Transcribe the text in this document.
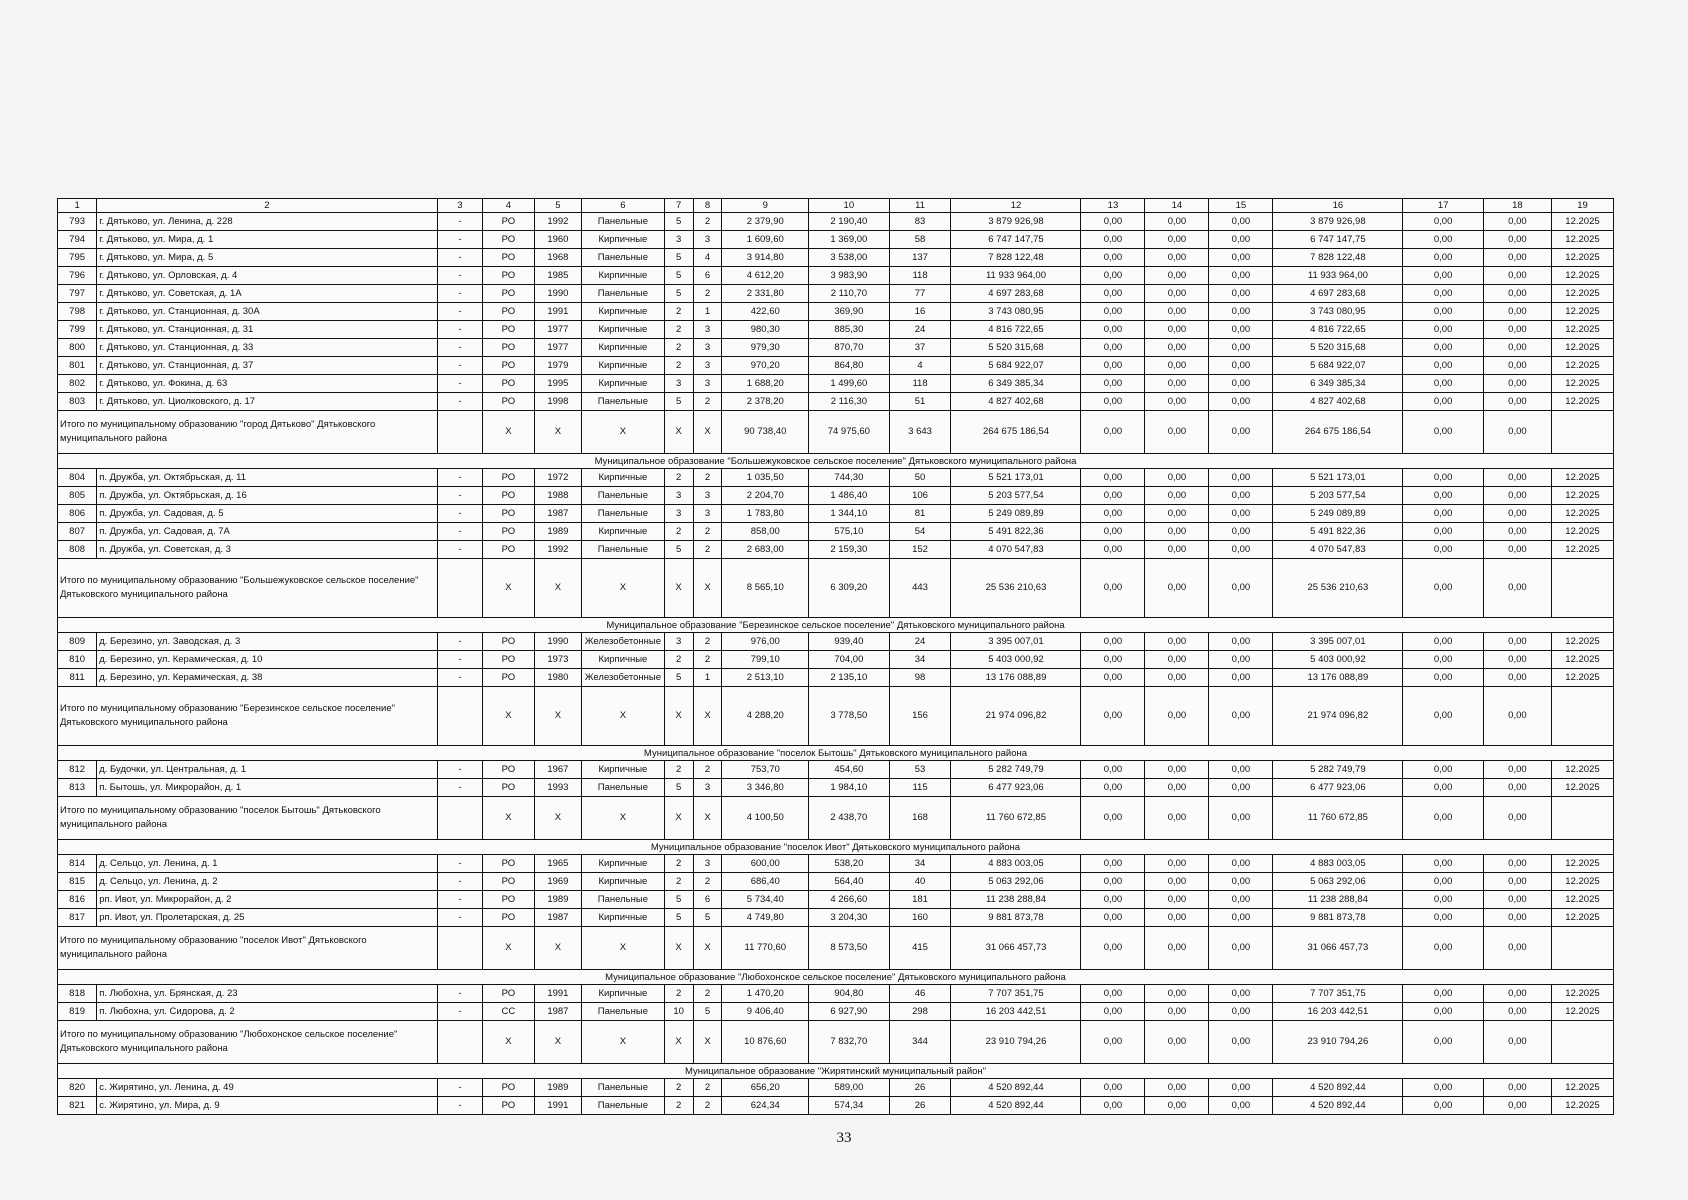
1	2	3	4	5	6	7	8	9	10	11	12	13	14	15	16	17	18	19
793	г. Дятьково, ул. Ленина, д. 228	-	РО	1992	Панельные	5	2	2 379,90	2 190,40	83	3 879 926,98	0,00	0,00	0,00	3 879 926,98	0,00	0,00	12.2025
794	г. Дятьково, ул. Мира, д. 1	-	РО	1960	Кирпичные	3	3	1 609,60	1 369,00	58	6 747 147,75	0,00	0,00	0,00	6 747 147,75	0,00	0,00	12.2025
795	г. Дятьково, ул. Мира, д. 5	-	РО	1968	Панельные	5	4	3 914,80	3 538,00	137	7 828 122,48	0,00	0,00	0,00	7 828 122,48	0,00	0,00	12.2025
796	г. Дятьково, ул. Орловская, д. 4	-	РО	1985	Кирпичные	5	6	4 612,20	3 983,90	118	11 933 964,00	0,00	0,00	0,00	11 933 964,00	0,00	0,00	12.2025
797	г. Дятьково, ул. Советская, д. 1А	-	РО	1990	Панельные	5	2	2 331,80	2 110,70	77	4 697 283,68	0,00	0,00	0,00	4 697 283,68	0,00	0,00	12.2025
798	г. Дятьково, ул. Станционная, д. 30А	-	РО	1991	Кирпичные	2	1	422,60	369,90	16	3 743 080,95	0,00	0,00	0,00	3 743 080,95	0,00	0,00	12.2025
799	г. Дятьково, ул. Станционная, д. 31	-	РО	1977	Кирпичные	2	3	980,30	885,30	24	4 816 722,65	0,00	0,00	0,00	4 816 722,65	0,00	0,00	12.2025
800	г. Дятьково, ул. Станционная, д. 33	-	РО	1977	Кирпичные	2	3	979,30	870,70	37	5 520 315,68	0,00	0,00	0,00	5 520 315,68	0,00	0,00	12.2025
801	г. Дятьково, ул. Станционная, д. 37	-	РО	1979	Кирпичные	2	3	970,20	864,80	4	5 684 922,07	0,00	0,00	0,00	5 684 922,07	0,00	0,00	12.2025
802	г. Дятьково, ул. Фокина, д. 63	-	РО	1995	Кирпичные	3	3	1 688,20	1 499,60	118	6 349 385,34	0,00	0,00	0,00	6 349 385,34	0,00	0,00	12.2025
803	г. Дятьково, ул. Циолковского, д. 17	-	РО	1998	Панельные	5	2	2 378,20	2 116,30	51	4 827 402,68	0,00	0,00	0,00	4 827 402,68	0,00	0,00	12.2025
Итого по муниципальному образованию "город Дятьково" Дятьковского муниципального района			X	X	X	X	X	90 738,40	74 975,60	3 643	264 675 186,54	0,00	0,00	0,00	264 675 186,54	0,00	0,00	
Муниципальное образование "Большежуковское сельское поселение" Дятьковского муниципального района																		
804	п. Дружба, ул. Октябрьская, д. 11	-	РО	1972	Кирпичные	2	2	1 035,50	744,30	50	5 521 173,01	0,00	0,00	0,00	5 521 173,01	0,00	0,00	12.2025
805	п. Дружба, ул. Октябрьская, д. 16	-	РО	1988	Панельные	3	3	2 204,70	1 486,40	106	5 203 577,54	0,00	0,00	0,00	5 203 577,54	0,00	0,00	12.2025
806	п. Дружба, ул. Садовая, д. 5	-	РО	1987	Панельные	3	3	1 783,80	1 344,10	81	5 249 089,89	0,00	0,00	0,00	5 249 089,89	0,00	0,00	12.2025
807	п. Дружба, ул. Садовая, д. 7А	-	РО	1989	Кирпичные	2	2	858,00	575,10	54	5 491 822,36	0,00	0,00	0,00	5 491 822,36	0,00	0,00	12.2025
808	п. Дружба, ул. Советская, д. 3	-	РО	1992	Панельные	5	2	2 683,00	2 159,30	152	4 070 547,83	0,00	0,00	0,00	4 070 547,83	0,00	0,00	12.2025
Итого по муниципальному образованию "Большежуковское сельское поселение" Дятьковского муниципального района			X	X	X	X	X	8 565,10	6 309,20	443	25 536 210,63	0,00	0,00	0,00	25 536 210,63	0,00	0,00	
Муниципальное образование "Березинское сельское поселение" Дятьковского муниципального района																		
809	д. Березино, ул. Заводская, д. 3	-	РО	1990	Железобетонные	3	2	976,00	939,40	24	3 395 007,01	0,00	0,00	0,00	3 395 007,01	0,00	0,00	12.2025
810	д. Березино, ул. Керамическая, д. 10	-	РО	1973	Кирпичные	2	2	799,10	704,00	34	5 403 000,92	0,00	0,00	0,00	5 403 000,92	0,00	0,00	12.2025
811	д. Березино, ул. Керамическая, д. 38	-	РО	1980	Железобетонные	5	1	2 513,10	2 135,10	98	13 176 088,89	0,00	0,00	0,00	13 176 088,89	0,00	0,00	12.2025
Итого по муниципальному образованию "Березинское сельское поселение" Дятьковского муниципального района			X	X	X	X	X	4 288,20	3 778,50	156	21 974 096,82	0,00	0,00	0,00	21 974 096,82	0,00	0,00	
Муниципальное образование "поселок Бытошь" Дятьковского муниципального района																		
812	д. Будочки, ул. Центральная, д. 1	-	РО	1967	Кирпичные	2	2	753,70	454,60	53	5 282 749,79	0,00	0,00	0,00	5 282 749,79	0,00	0,00	12.2025
813	п. Бытошь, ул. Микрорайон, д. 1	-	РО	1993	Панельные	5	3	3 346,80	1 984,10	115	6 477 923,06	0,00	0,00	0,00	6 477 923,06	0,00	0,00	12.2025
Итого по муниципальному образованию "поселок Бытошь" Дятьковского муниципального района			X	X	X	X	X	4 100,50	2 438,70	168	11 760 672,85	0,00	0,00	0,00	11 760 672,85	0,00	0,00	
Муниципальное образование "поселок Ивот" Дятьковского муниципального района																		
814	д. Сельцо, ул. Ленина, д. 1	-	РО	1965	Кирпичные	2	3	600,00	538,20	34	4 883 003,05	0,00	0,00	0,00	4 883 003,05	0,00	0,00	12.2025
815	д. Сельцо, ул. Ленина, д. 2	-	РО	1969	Кирпичные	2	2	686,40	564,40	40	5 063 292,06	0,00	0,00	0,00	5 063 292,06	0,00	0,00	12.2025
816	рп. Ивот, ул. Микрорайон, д. 2	-	РО	1989	Панельные	5	6	5 734,40	4 266,60	181	11 238 288,84	0,00	0,00	0,00	11 238 288,84	0,00	0,00	12.2025
817	рп. Ивот, ул. Пролетарская, д. 25	-	РО	1987	Кирпичные	5	5	4 749,80	3 204,30	160	9 881 873,78	0,00	0,00	0,00	9 881 873,78	0,00	0,00	12.2025
Итого по муниципальному образованию "поселок Ивот" Дятьковского муниципального района			X	X	X	X	X	11 770,60	8 573,50	415	31 066 457,73	0,00	0,00	0,00	31 066 457,73	0,00	0,00	
Муниципальное образование "Любохонское сельское поселение" Дятьковского муниципального района																		
818	п. Любохна, ул. Брянская, д. 23	-	РО	1991	Кирпичные	2	2	1 470,20	904,80	46	7 707 351,75	0,00	0,00	0,00	7 707 351,75	0,00	0,00	12.2025
819	п. Любохна, ул. Сидорова, д. 2	-	СС	1987	Панельные	10	5	9 406,40	6 927,90	298	16 203 442,51	0,00	0,00	0,00	16 203 442,51	0,00	0,00	12.2025
Итого по муниципальному образованию "Любохонское сельское поселение" Дятьковского муниципального района			X	X	X	X	X	10 876,60	7 832,70	344	23 910 794,26	0,00	0,00	0,00	23 910 794,26	0,00	0,00	
Муниципальное образование "Жирятинский муниципальный район"																		
820	с. Жирятино, ул. Ленина, д. 49	-	РО	1989	Панельные	2	2	656,20	589,00	26	4 520 892,44	0,00	0,00	0,00	4 520 892,44	0,00	0,00	12.2025
821	с. Жирятино, ул. Мира, д. 9	-	РО	1991	Панельные	2	2	624,34	574,34	26	4 520 892,44	0,00	0,00	0,00	4 520 892,44	0,00	0,00	12.2025
33
